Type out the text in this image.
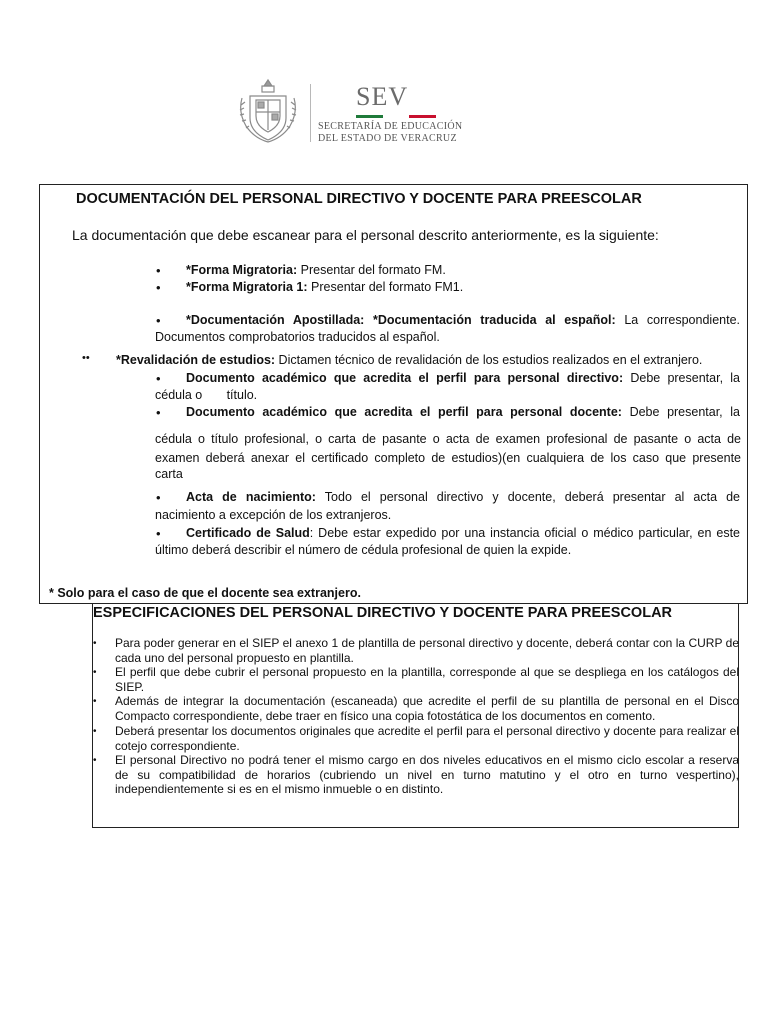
SEV
SECRETARÍA DE EDUCACIÓN
DEL ESTADO DE VERACRUZ
DOCUMENTACIÓN DEL PERSONAL DIRECTIVO Y DOCENTE PARA PREESCOLAR
La documentación que debe escanear para el personal descrito anteriormente, es la siguiente:
• *Forma Migratoria: Presentar del formato FM.
• *Forma Migratoria 1: Presentar del formato FM1.
• *Documentación Apostillada: *Documentación traducida al español: La correspondiente.
Documentos comprobatorios traducidos al español.
•• *Revalidación de estudios: Dictamen técnico de revalidación de los estudios realizados en el extranjero.
• Documento académico que acredita el perfil para personal directivo: Debe presentar, la
cédula o       título.
• Documento académico que acredita el perfil para personal docente: Debe presentar, la
cédula o título profesional, o carta de pasante o acta de examen profesional de pasante o acta de
examen deberá anexar el certificado completo de estudios)(en cualquiera de los caso que presente
carta
• Acta de nacimiento: Todo el personal directivo y docente, deberá presentar al acta de
nacimiento a excepción de los extranjeros.
• Certificado de Salud: Debe estar expedido por una instancia oficial o médico particular, en este
último deberá describir el número de cédula profesional de quien la expide.
* Solo para el caso de que el docente sea extranjero.
ESPECIFICACIONES DEL PERSONAL DIRECTIVO Y DOCENTE PARA PREESCOLAR
• Para poder generar en el SIEP el anexo 1 de plantilla de personal directivo y docente, deberá contar con la CURP de cada uno del personal propuesto en plantilla.
• El perfil que debe cubrir el personal propuesto en la plantilla, corresponde al que se despliega en los catálogos del SIEP.
• Además de integrar la documentación (escaneada) que acredite el perfil de su plantilla de personal en el Disco Compacto correspondiente, debe traer en físico una copia fotostática de los documentos en comento.
• Deberá presentar los documentos originales que acredite el perfil para el personal directivo y docente para realizar el cotejo correspondiente.
• El personal Directivo no podrá tener el mismo cargo en dos niveles educativos en el mismo ciclo escolar a reserva de su compatibilidad de horarios (cubriendo un nivel en turno matutino y el otro en turno vespertino), independientemente si es en el mismo inmueble o en distinto.
